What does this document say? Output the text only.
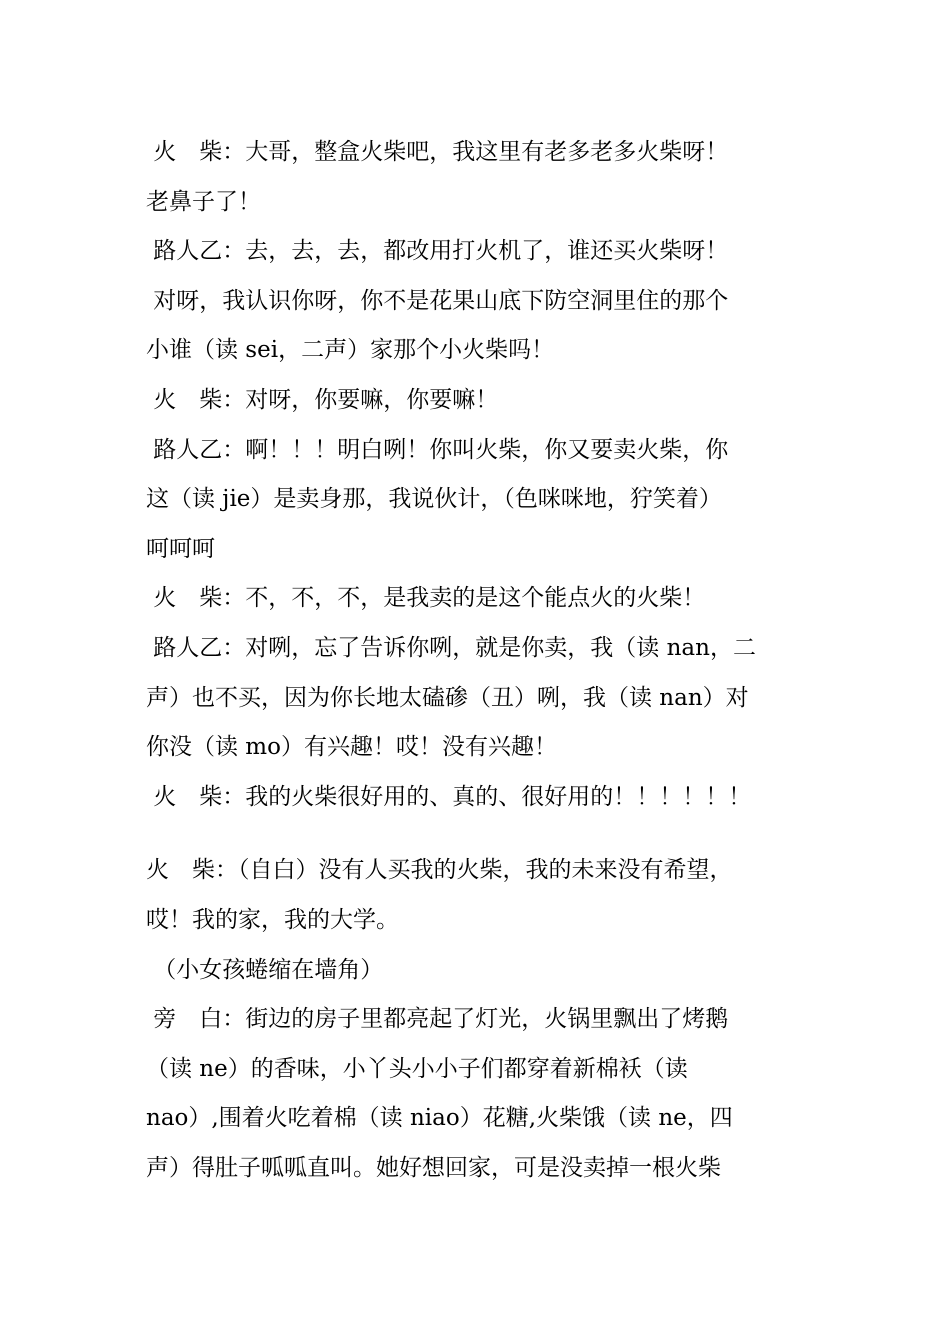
火　柴：大哥，整盒火柴吧，我这里有老多老多火柴呀！
老鼻子了！
路人乙：去，去，去，都改用打火机了，谁还买火柴呀！
对呀，我认识你呀，你不是花果山底下防空洞里住的那个
小谁（读 sei，二声）家那个小火柴吗！
火　柴：对呀，你要嘛，你要嘛！
路人乙：啊！！！明白咧！你叫火柴，你又要卖火柴，你
这（读 jie）是卖身那，我说伙计，（色咪咪地，狞笑着）
呵呵呵
火　柴：不，不，不，是我卖的是这个能点火的火柴！
路人乙：对咧，忘了告诉你咧，就是你卖，我（读 nan，二
声）也不买，因为你长地太磕碜（丑）咧，我（读 nan）对
你没（读 mo）有兴趣！哎！没有兴趣！
火　柴：我的火柴很好用的、真的、很好用的！！！！！！
火　柴：（自白）没有人买我的火柴，我的未来没有希望，
哎！我的家，我的大学。
（小女孩蜷缩在墙角）
旁　白：街边的房子里都亮起了灯光，火锅里飘出了烤鹅
（读 ne）的香味，小丫头小小子们都穿着新棉袄（读
nao）,围着火吃着棉（读 niao）花糖,火柴饿（读 ne，四
声）得肚子呱呱直叫。她好想回家，可是没卖掉一根火柴
